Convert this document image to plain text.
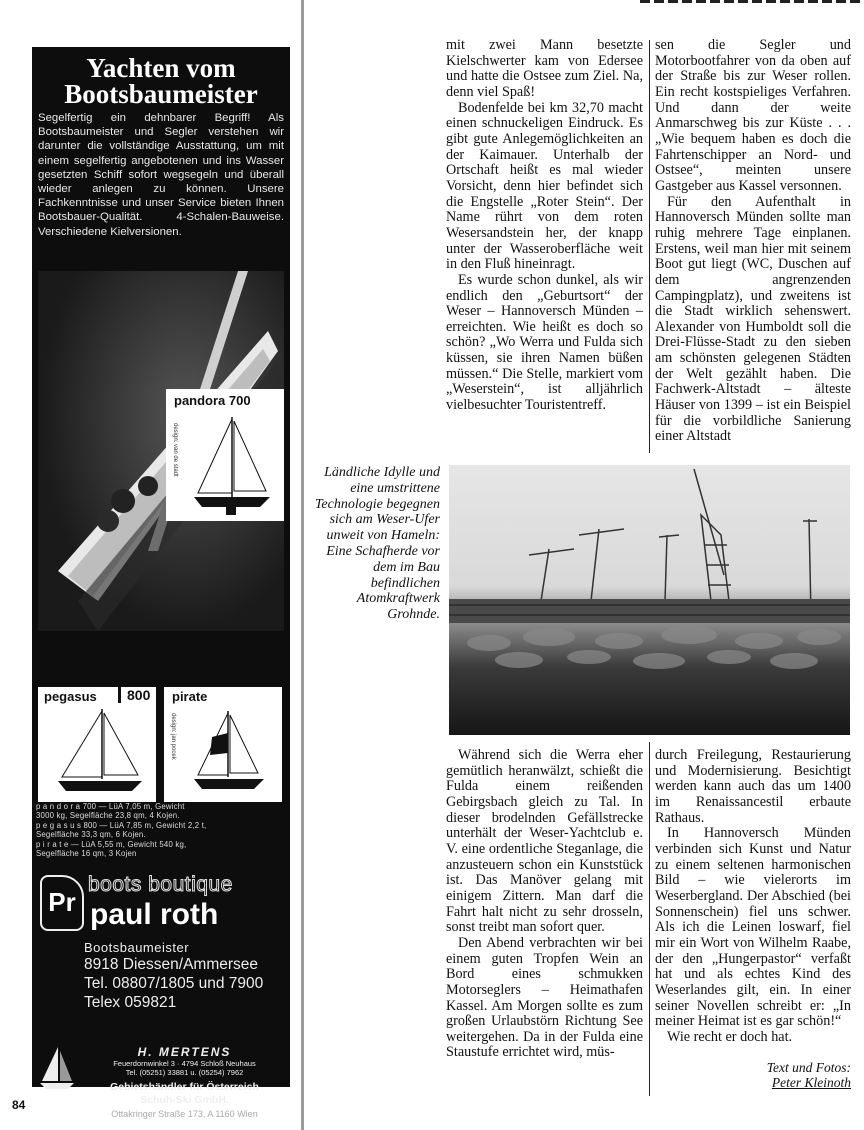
Yachten vom
Bootsbaumeister
Segelfertig ein dehnbarer Begriff! Als Bootsbaumeister und Segler verstehen wir darunter die vollständige Ausstattung, um mit einem segelfertig angebotenen und ins Wasser gesetzten Schiff sofort wegsegeln und überall wieder anlegen zu können. Unsere Fachkenntnisse und unser Service bieten Ihnen Bootsbauer-Qualität. 4-Schalen-Bauweise. Verschiedene Kielversionen.
pandora 700
design: van de stadt
pegasus	800 pirate
design: jan pocek
p a n d o r a 700 — LüA 7,05 m, Gewicht
3000 kg, Segelfläche 23,8 qm, 4 Kojen.
p e g a s u s 800 — LüA 7,85 m, Gewicht 2,2 t,
Segelfläche 33,3 qm, 6 Kojen.
p i r a t e — LüA 5,55 m, Gewicht 540 kg,
Segelfläche 16 qm, 3 Kojen
Pr
boots boutique
paul roth
Bootsbaumeister
8918 Diessen/Ammersee
Tel. 08807/1805 und 7900
Telex 059821
H. MERTENS
Feuerdornwinkel 3 · 4794 Schloß Neuhaus
Tel. (05251) 33881 u. (05254) 7962
Gebietshändler für Österreich
Schuh-Ski GmbH.
Ottakringer Straße 173, A 1160 Wien

mit zwei Mann besetzte Kielschwerter kam von Edersee und hatte die Ostsee zum Ziel. Na, denn viel Spaß!

Bodenfelde bei km 32,70 macht einen schnuckeligen Eindruck. Es gibt gute Anlegemöglichkeiten an der Kaimauer. Unterhalb der Ortschaft heißt es mal wieder Vorsicht, denn hier befindet sich die Engstelle „Roter Stein“. Der Name rührt von dem roten Wesersandstein her, der knapp unter der Wasseroberfläche weit in den Fluß hineinragt.

Es wurde schon dunkel, als wir endlich den „Geburtsort“ der Weser – Hannoversch Münden – erreichten. Wie heißt es doch so schön? „Wo Werra und Fulda sich küssen, sie ihren Namen büßen müssen.“ Die Stelle, markiert vom „Weserstein“, ist alljährlich vielbesuchter Touristentreff.

sen die Segler und Motorbootfahrer von da oben auf der Straße bis zur Weser rollen. Ein recht kostspieliges Verfahren. Und dann der weite Anmarschweg bis zur Küste . . . „Wie bequem haben es doch die Fahrtenschipper an Nord- und Ostsee“, meinten unsere Gastgeber aus Kassel versonnen.

Für den Aufenthalt in Hannoversch Münden sollte man ruhig mehrere Tage einplanen. Erstens, weil man hier mit seinem Boot gut liegt (WC, Duschen auf dem angrenzenden Campingplatz), und zweitens ist die Stadt wirklich sehenswert. Alexander von Humboldt soll die Drei-Flüsse-Stadt zu den sieben am schönsten gelegenen Städten der Welt gezählt haben. Die Fachwerk-Altstadt – älteste Häuser von 1399 – ist ein Beispiel für die vorbildliche Sanierung einer Altstadt

Ländliche Idylle und eine umstrittene Technologie begegnen sich am Weser-Ufer unweit von Hameln: Eine Schafherde vor dem im Bau befindlichen Atomkraftwerk Grohnde.

Während sich die Werra eher gemütlich heranwälzt, schießt die Fulda einem reißenden Gebirgsbach gleich zu Tal. In dieser brodelnden Gefällstrecke unterhält der Weser-Yachtclub e. V. eine ordentliche Steganlage, die anzusteuern schon ein Kunststück ist. Das Manöver gelang mit einigem Zittern. Man darf die Fahrt halt nicht zu sehr drosseln, sonst treibt man sofort quer.

Den Abend verbrachten wir bei einem guten Tropfen Wein an Bord eines schmukken Motorseglers – Heimathafen Kassel. Am Morgen sollte es zum großen Urlaubstörn Richtung See weitergehen. Da in der Fulda eine Staustufe errichtet wird, müs-

durch Freilegung, Restaurierung und Modernisierung. Besichtigt werden kann auch das um 1400 im Renaissancestil erbaute Rathaus.

In Hannoversch Münden verbinden sich Kunst und Natur zu einem seltenen harmonischen Bild – wie vielerorts im Weserbergland. Der Abschied (bei Sonnenschein) fiel uns schwer. Als ich die Leinen loswarf, fiel mir ein Wort von Wilhelm Raabe, der den „Hungerpastor“ verfaßt hat und als echtes Kind des Weserlandes gilt, ein. In einer seiner Novellen schreibt er: „In meiner Heimat ist es gar schön!“

Wie recht er doch hat.

Text und Fotos:
Peter Kleinoth
84
